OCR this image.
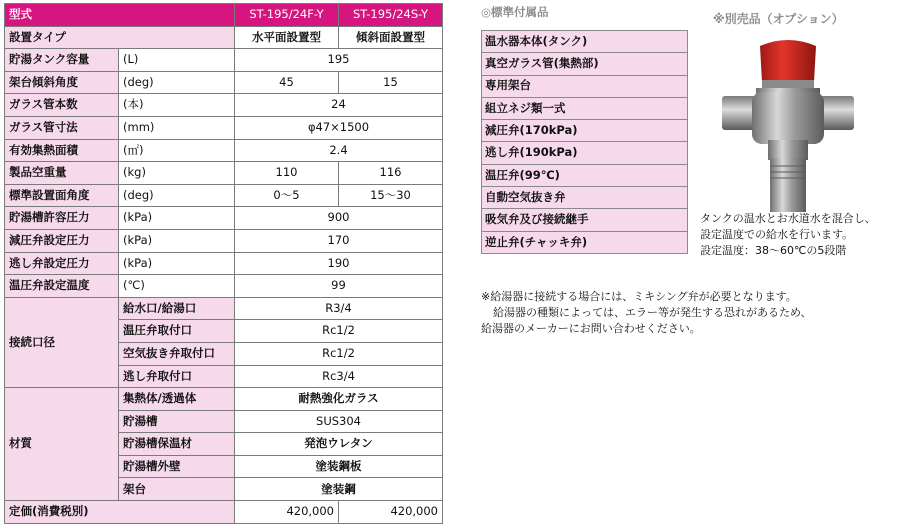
型式		ST-195/24F-Y	ST-195/24S-Y
設置タイプ		水平面設置型	傾斜面設置型
貯湯タンク容量	(L)	195	
架台傾斜角度	(deg)	45	15
ガラス管本数	(本)	24	
ガラス管寸法	(mm)	φ47×1500	
有効集熱面積	(㎡)	2.4	
製品空重量	(kg)	110	116
標準設置面角度	(deg)	0～5	15～30
貯湯槽許容圧力	(kPa)	900	
減圧弁設定圧力	(kPa)	170	
逃し弁設定圧力	(kPa)	190	
温圧弁設定温度	(℃)	99	
接続口径	給水口/給湯口	R3/4	
	温圧弁取付口	Rc1/2	
	空気抜き弁取付口	Rc1/2	
	逃し弁取付口	Rc3/4	
材質	集熱体/透過体	耐熱強化ガラス	
	貯湯槽	SUS304	
	貯湯槽保温材	発泡ウレタン	
	貯湯槽外壁	塗装鋼板	
	架台	塗装鋼	
定価(消費税別)		420,000	420,000
◎標準付属品
温水器本体(タンク)
真空ガラス管(集熱部)
専用架台
組立ネジ類一式
減圧弁(170kPa)
逃し弁(190kPa)
温圧弁(99℃)
自動空気抜き弁
吸気弁及び接続継手
逆止弁(チャッキ弁)
※別売品（オプション）
タンクの温水とお水道水を混合し、
設定温度での給水を行います。
設定温度：38～60℃の5段階
※給湯器に接続する場合には、ミキシング弁が必要となります。
給湯器の種類によっては、エラー等が発生する恐れがあるため、
給湯器のメーカーにお問い合わせください。
